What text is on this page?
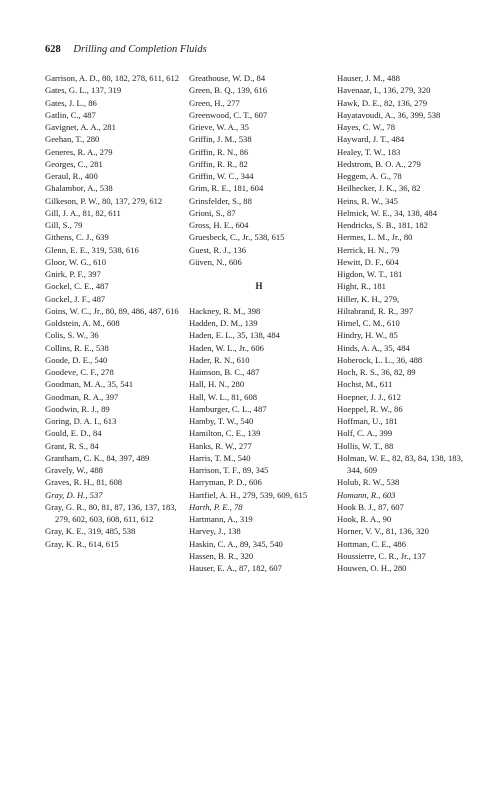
628 Drilling and Completion Fluids
Garrison, A. D., 80, 182, 278, 611, 612
Gates, G. L., 137, 319
Gates, J. L., 86
Gatlin, C., 487
Gavignet, A. A., 281
Geehan, T., 280
Generes, R. A., 279
Georges, C., 281
Geraul, R., 400
Ghalambor, A., 538
Gilkeson, P. W., 80, 137, 279, 612
Gill, J. A., 81, 82, 611
Gill, S., 79
Githens, C. J., 639
Glenn, E. E., 319, 538, 616
Gloor, W. G., 610
Gnirk, P. F., 397
Gockel, C. E., 487
Gockel, J. F., 487
Goins, W. C., Jr., 80, 89, 486, 487, 616
Goldstein, A. M., 608
Colis, S. W., 36
Collins, R. E., 538
Goode, D. E., 540
Goodeve, C. F., 278
Goodman, M. A., 35, 541
Goodman, R. A., 397
Goodwin, R. J., 89
Goring, D. A. I., 613
Gould, E. D., 84
Grant, R. S., 84
Grantham, C. K., 84, 397, 489
Gravely, W., 488
Graves, R. H., 81, 608
Gray, D. H., 537
Gray, G. R., 80, 81, 87, 136, 137, 183, 279, 602, 603, 608, 611, 612
Gray, K. E., 319, 485, 538
Gray, K. R., 614, 615
Greathouse, W. D., 84
Green, B. Q., 139, 616
Green, H., 277
Greenwood, C. T., 607
Grieve, W. A., 35
Griffin, J. M., 538
Griffin, R. N., 86
Griffin, R. R., 82
Griffin, W. C., 344
Grim, R. E., 181, 604
Grinsfelder, S., 88
Grioni, S., 87
Gross, H. E., 604
Gruesbeck, C., Jr., 538, 615
Guest, R. J., 136
Güven, N., 606
H
Hackney, R. M., 398
Hadden, D. M., 139
Haden, E. L., 35, 138, 484
Haden, W. L., Jr., 606
Hader, R. N., 610
Haimson, B. C., 487
Hall, H. N., 280
Hall, W. L., 81, 608
Hamburger, C. L., 487
Hamby, T. W., 540
Hamilton, C. E., 139
Hanks, R. W., 277
Harris, T. M., 540
Harrison, T. F., 89, 345
Harryman, P. D., 606
Hartfiel, A. H., 279, 539, 609, 615
Harth, P. E., 78
Hartmann, A., 319
Harvey, J., 138
Haskin, C. A., 89, 345, 540
Hassen, B. R., 320
Hauser, E. A., 87, 182, 607
Hauser, J. M., 488
Havenaar, I., 136, 279, 320
Hawk, D. E., 82, 136, 279
Hayatavoudi, A., 36, 399, 538
Hayes, C. W., 78
Hayward, J. T., 484
Healey, T. W., 183
Hedstrom, B. O. A., 279
Heggem, A. G., 78
Heilhecker, J. K., 36, 82
Heins, R. W., 345
Helmick, W. E., 34, 138, 484
Hendricks, S. B., 181, 182
Hermes, L. M., Jr., 80
Herrick, H. N., 79
Hewitt, D. F., 604
Higdon, W. T., 181
Hight, R., 181
Hiller, K. H., 279,
Hiltabrand, R. R., 397
Himel, C. M., 610
Hindry, H. W., 85
Hinds, A. A., 35, 484
Hoberock, L. L., 36, 488
Hoch, R. S., 36, 82, 89
Hochst, M., 611
Hoepner, J. J., 612
Hoeppel, R. W., 86
Hoffman, U., 181
Holf, C. A., 399
Hollis, W. T., 88
Holman, W. E., 82, 83, 84, 138, 183, 344, 609
Holub, R. W., 538
Homann, R., 603
Hook B. J., 87, 607
Hook, R. A., 90
Horner, V. V., 81, 136, 320
Hottman, C. E., 486
Houssierre, C. R., Jr., 137
Houwen, O. H., 280
